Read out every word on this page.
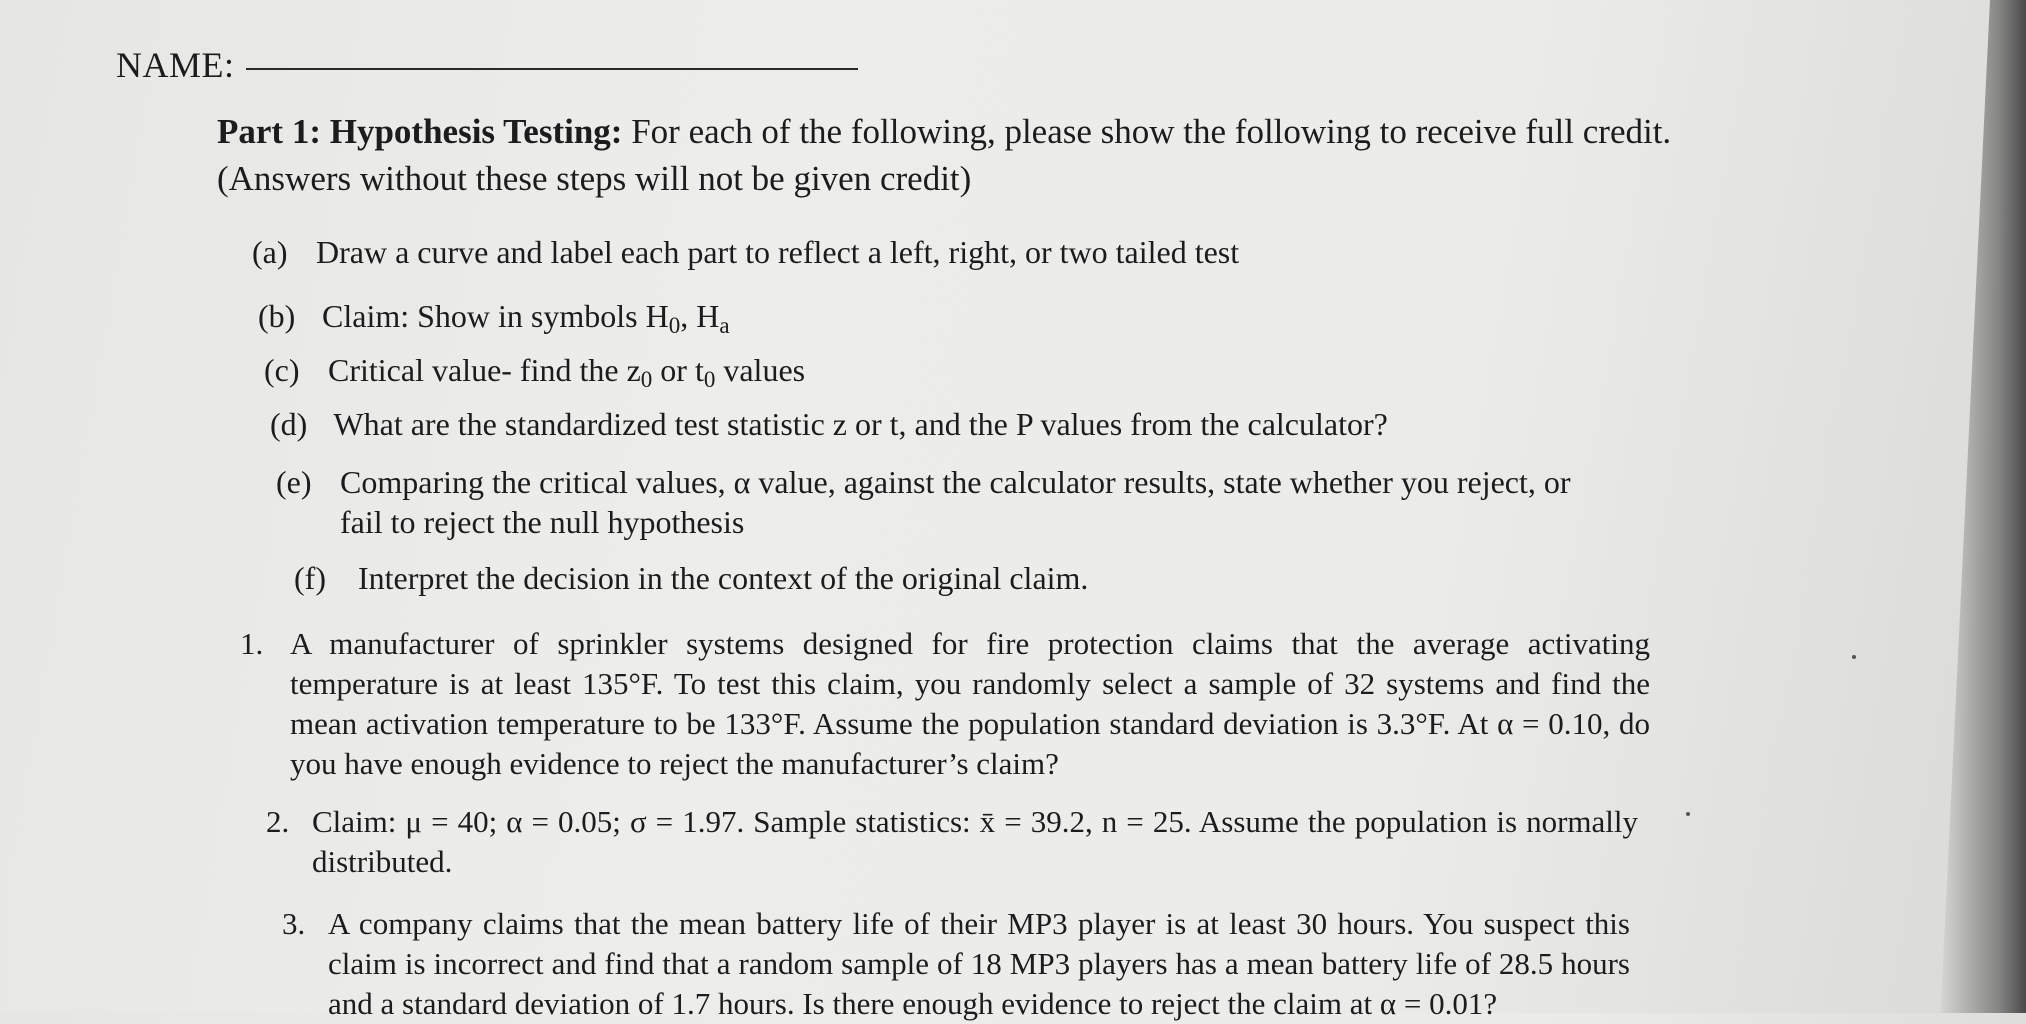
NAME:
Part 1: Hypothesis Testing: For each of the following, please show the following to receive full credit. (Answers without these steps will not be given credit)
(a) Draw a curve and label each part to reflect a left, right, or two tailed test
(b) Claim: Show in symbols $H_0$, $H_a$
(c) Critical value- find the $z_0$ or $t_0$ values
(d) What are the standardized test statistic z or t, and the P values from the calculator?
(e) Comparing the critical values, α value, against the calculator results, state whether you reject, or
fail to reject the null hypothesis
(f) Interpret the decision in the context of the original claim.
1. A manufacturer of sprinkler systems designed for fire protection claims that the average activating temperature is at least 135°F. To test this claim, you randomly select a sample of 32 systems and find the mean activation temperature to be 133°F. Assume the population standard deviation is 3.3°F. At α = 0.10, do you have enough evidence to reject the manufacturer’s claim?
2. Claim: μ = 40; α = 0.05; σ = 1.97. Sample statistics: x̄ = 39.2, n = 25. Assume the population is normally distributed.
3. A company claims that the mean battery life of their MP3 player is at least 30 hours. You suspect this claim is incorrect and find that a random sample of 18 MP3 players has a mean battery life of 28.5 hours and a standard deviation of 1.7 hours. Is there enough evidence to reject the claim at α = 0.01?
